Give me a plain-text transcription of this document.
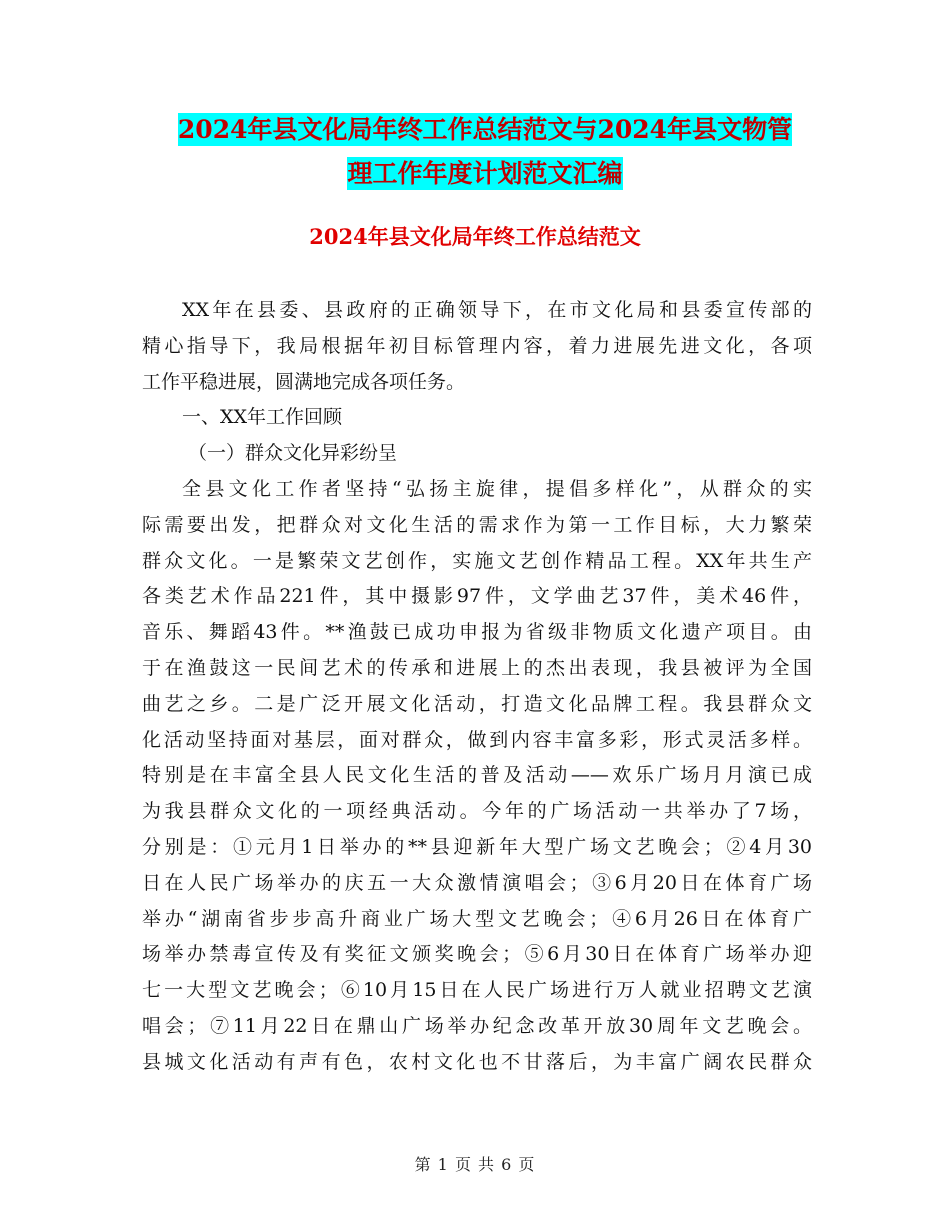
2024年县文化局年终工作总结范文与2024年县文物管
理工作年度计划范文汇编
2024年县文化局年终工作总结范文
XX年在县委、县政府的正确领导下，在市文化局和县委宣传部的
精心指导下，我局根据年初目标管理内容，着力进展先进文化，各项
工作平稳进展，圆满地完成各项任务。
一、XX年工作回顾
（一）群众文化异彩纷呈
全县文化工作者坚持“弘扬主旋律，提倡多样化”，从群众的实
际需要出发，把群众对文化生活的需求作为第一工作目标，大力繁荣
群众文化。一是繁荣文艺创作，实施文艺创作精品工程。XX年共生产
各类艺术作品221件，其中摄影97件，文学曲艺37件，美术46件，
音乐、舞蹈43件。**渔鼓已成功申报为省级非物质文化遗产项目。由
于在渔鼓这一民间艺术的传承和进展上的杰出表现，我县被评为全国
曲艺之乡。二是广泛开展文化活动，打造文化品牌工程。我县群众文
化活动坚持面对基层，面对群众，做到内容丰富多彩，形式灵活多样。
特别是在丰富全县人民文化生活的普及活动——欢乐广场月月演已成
为我县群众文化的一项经典活动。今年的广场活动一共举办了7场，
分别是：①元月1日举办的**县迎新年大型广场文艺晚会；②4月30
日在人民广场举办的庆五一大众激情演唱会；③6月20日在体育广场
举办“湖南省步步高升商业广场大型文艺晚会；④6月26日在体育广
场举办禁毒宣传及有奖征文颁奖晚会；⑤6月30日在体育广场举办迎
七一大型文艺晚会；⑥10月15日在人民广场进行万人就业招聘文艺演
唱会；⑦11月22日在鼎山广场举办纪念改革开放30周年文艺晚会。
县城文化活动有声有色，农村文化也不甘落后，为丰富广阔农民群众
第 1 页 共 6 页
